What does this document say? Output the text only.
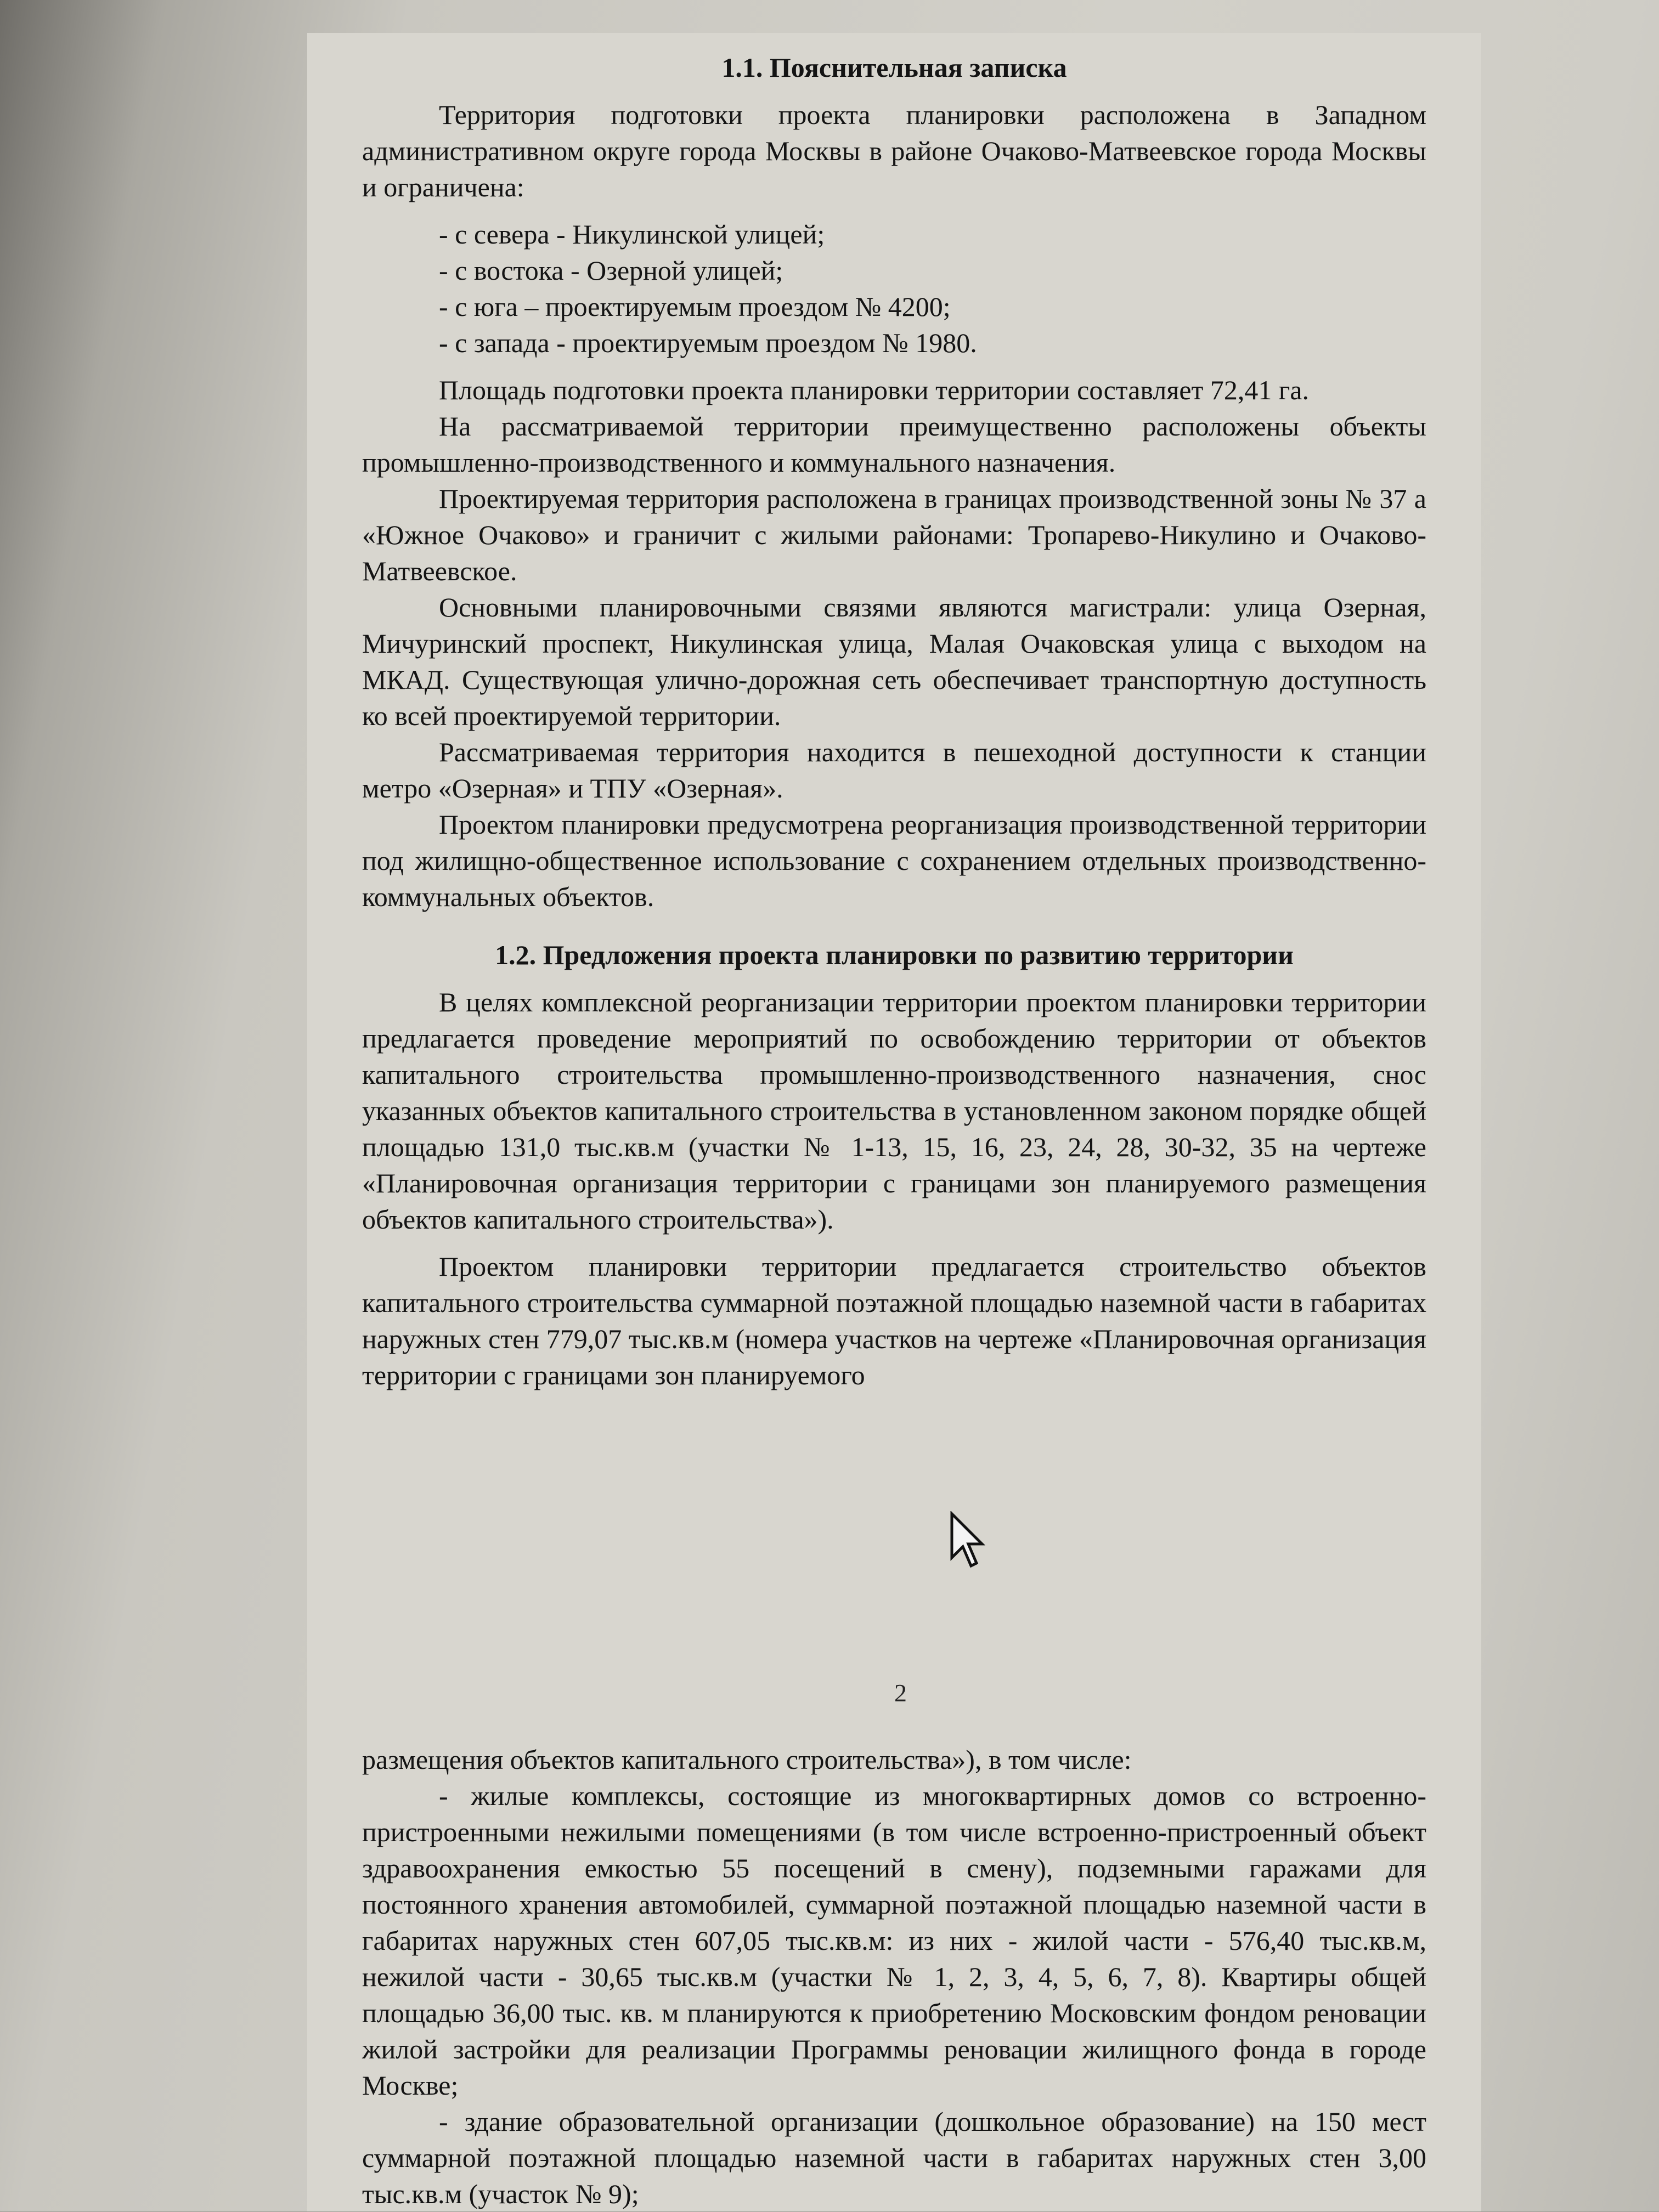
1.1. Пояснительная записка

Территория подготовки проекта планировки расположена в Западном административном округе города Москвы в районе Очаково-Матвеевское города Москвы и ограничена:

- с севера - Никулинской улицей;
- с востока - Озерной улицей;
- с юга – проектируемым проездом № 4200;
- с запада - проектируемым проездом № 1980.

Площадь подготовки проекта планировки территории составляет 72,41 га.

На рассматриваемой территории преимущественно расположены объекты промышленно-производственного и коммунального назначения.

Проектируемая территория расположена в границах производственной зоны № 37 а «Южное Очаково» и граничит с жилыми районами: Тропарево-Никулино и Очаково-Матвеевское.

Основными планировочными связями являются магистрали: улица Озерная, Мичуринский проспект, Никулинская улица, Малая Очаковская улица с выходом на МКАД. Существующая улично-дорожная сеть обеспечивает транспортную доступность ко всей проектируемой территории.

Рассматриваемая территория находится в пешеходной доступности к станции метро «Озерная» и ТПУ «Озерная».

Проектом планировки предусмотрена реорганизация производственной территории под жилищно-общественное использование с сохранением отдельных производственно-коммунальных объектов.

1.2. Предложения проекта планировки по развитию территории

В целях комплексной реорганизации территории проектом планировки территории предлагается проведение мероприятий по освобождению территории от объектов капитального строительства промышленно-производственного назначения, снос указанных объектов капитального строительства в установленном законом порядке общей площадью 131,0 тыс.кв.м (участки № 1-13, 15, 16, 23, 24, 28, 30-32, 35 на чертеже «Планировочная организация территории с границами зон планируемого размещения объектов капитального строительства»).

Проектом планировки территории предлагается строительство объектов капитального строительства суммарной поэтажной площадью наземной части в габаритах наружных стен 779,07 тыс.кв.м (номера участков на чертеже «Планировочная организация территории с границами зон планируемого

2

размещения объектов капитального строительства»), в том числе:

- жилые комплексы, состоящие из многоквартирных домов со встроенно-пристроенными нежилыми помещениями (в том числе встроенно-пристроенный объект здравоохранения емкостью 55 посещений в смену), подземными гаражами для постоянного хранения автомобилей, суммарной поэтажной площадью наземной части в габаритах наружных стен 607,05 тыс.кв.м: из них - жилой части - 576,40 тыс.кв.м, нежилой части - 30,65 тыс.кв.м (участки № 1, 2, 3, 4, 5, 6, 7, 8). Квартиры общей площадью 36,00 тыс. кв. м планируются к приобретению Московским фондом реновации жилой застройки для реализации Программы реновации жилищного фонда в городе Москве;

- здание образовательной организации (дошкольное образование) на 150 мест суммарной поэтажной площадью наземной части в габаритах наружных стен 3,00 тыс.кв.м (участок № 9);
